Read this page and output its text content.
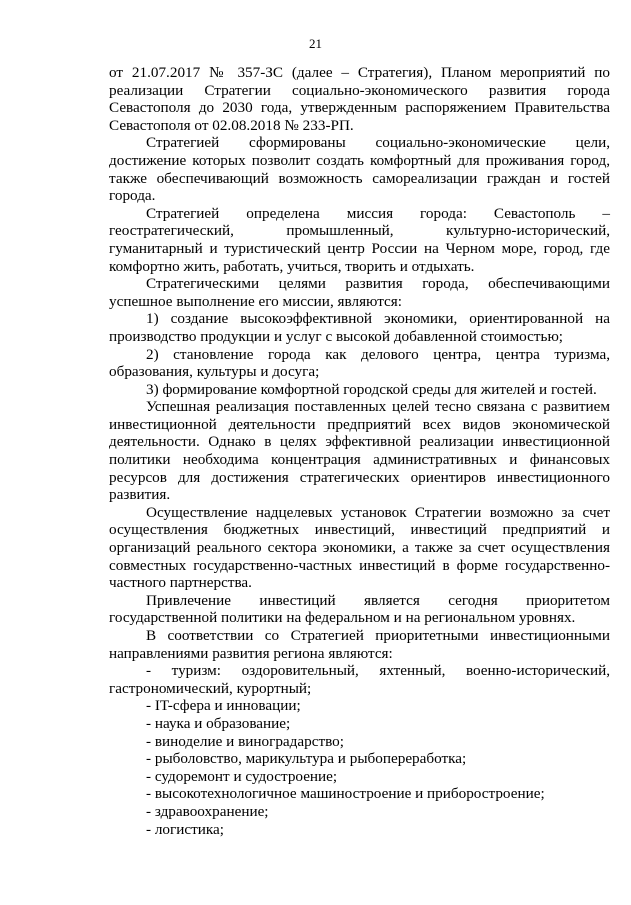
21

от 21.07.2017 № 357-ЗС (далее – Стратегия), Планом мероприятий по реализации Стратегии социально-экономического развития города Севастополя до 2030 года, утвержденным распоряжением Правительства Севастополя от 02.08.2018 № 233-РП.

Стратегией сформированы социально-экономические цели, достижение которых позволит создать комфортный для проживания город, также обеспечивающий возможность самореализации граждан и гостей города.

Стратегией определена миссия города: Севастополь – геостратегический, промышленный, культурно-исторический, гуманитарный и туристический центр России на Черном море, город, где комфортно жить, работать, учиться, творить и отдыхать.

Стратегическими целями развития города, обеспечивающими успешное выполнение его миссии, являются:

1) создание высокоэффективной экономики, ориентированной на производство продукции и услуг с высокой добавленной стоимостью;

2) становление города как делового центра, центра туризма, образования, культуры и досуга;

3) формирование комфортной городской среды для жителей и гостей.

Успешная реализация поставленных целей тесно связана с развитием инвестиционной деятельности предприятий всех видов экономической деятельности. Однако в целях эффективной реализации инвестиционной политики необходима концентрация административных и финансовых ресурсов для достижения стратегических ориентиров инвестиционного развития.

Осуществление надцелевых установок Стратегии возможно за счет осуществления бюджетных инвестиций, инвестиций предприятий и организаций реального сектора экономики, а также за счет осуществления совместных государственно-частных инвестиций в форме государственно-частного партнерства.

Привлечение инвестиций является сегодня приоритетом государственной политики на федеральном и на региональном уровнях.

В соответствии со Стратегией приоритетными инвестиционными направлениями развития региона являются:

- туризм: оздоровительный, яхтенный, военно-исторический, гастрономический, курортный;

- IT-сфера и инновации;

- наука и образование;

- виноделие и виноградарство;

- рыболовство, марикультура и рыбопереработка;

- судоремонт и судостроение;

- высокотехнологичное машиностроение и приборостроение;

- здравоохранение;

- логистика;
